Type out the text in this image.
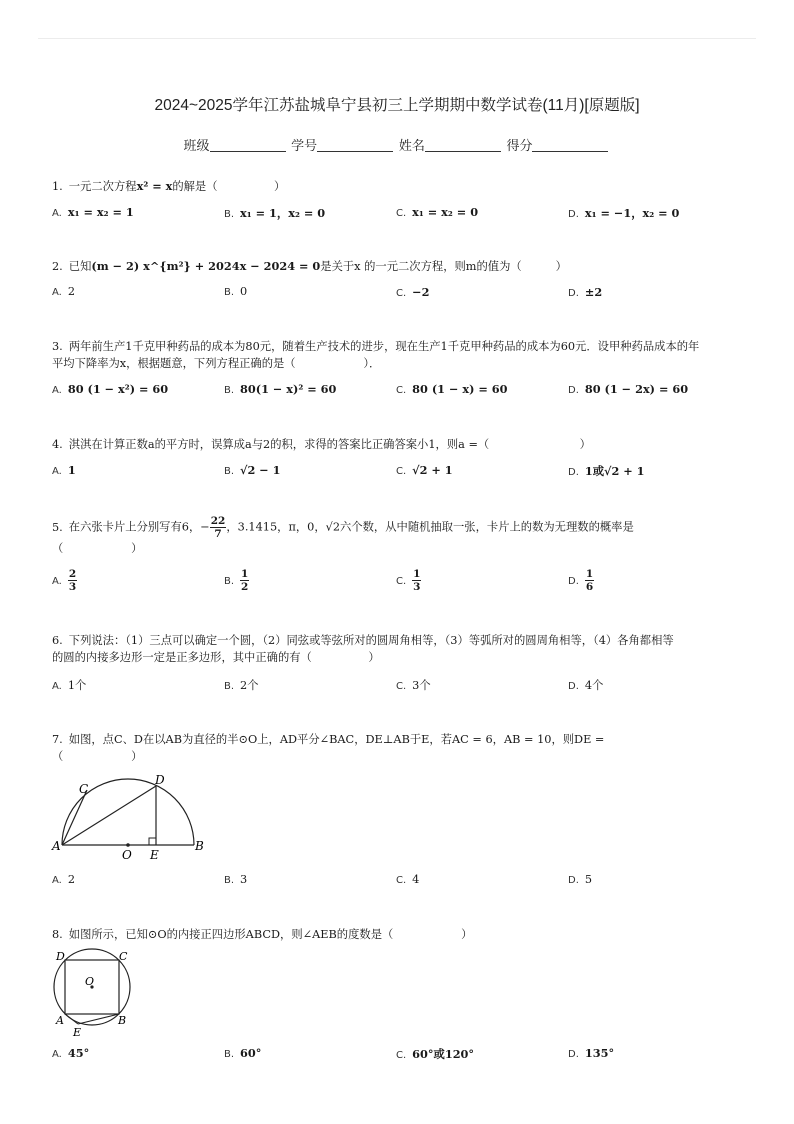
2024~2025学年江苏盐城阜宁县初三上学期期中数学试卷(11月)[原题版]
班级	学号	姓名	得分
1. 一元二次方程x² = x的解是（　　　　　）
A. x₁ = x₂ = 1	B. x₁ = 1，x₂ = 0	C. x₁ = x₂ = 0	D. x₁ = −1，x₂ = 0
2. 已知(m − 2) x^{m²} + 2024x − 2024 = 0是关于x 的一元二次方程，则m的值为（　　　）
A. 2	B. 0	C. −2	D. ±2
3. 两年前生产1千克甲种药品的成本为80元，随着生产技术的进步，现在生产1千克甲种药品的成本为60元．设甲种药品成本的年
平均下降率为x，根据题意，下列方程正确的是（　　　　　　）．
A. 80 (1 − x²) = 60	B. 80(1 − x)² = 60	C. 80 (1 − x) = 60	D. 80 (1 − 2x) = 60
4. 淇淇在计算正数a的平方时，误算成a与2的积，求得的答案比正确答案小1，则a =（　　　　　　　　）
A. 1	B. √2 − 1	C. √2 + 1	D. 1或√2 + 1
5. 在六张卡片上分别写有6，− $\frac{22}{7}$ ，3.1415，π，0，√2六个数，从中随机抽取一张，卡片上的数为无理数的概率是
（　　　　　　）
A. $\frac{2}{3}$	B. $\frac{1}{2}$	C. $\frac{1}{3}$	D. $\frac{1}{6}$
6. 下列说法：（1）三点可以确定一个圆，（2）同弦或等弦所对的圆周角相等，（3）等弧所对的圆周角相等，（4）各角都相等
的圆的内接多边形一定是正多边形，其中正确的有（　　　　　）
A. 1个	B. 2个	C. 3个	D. 4个
7. 如图，点C、D在以AB为直径的半⊙O上，AD平分∠BAC，DE⊥AB于E，若AC = 6，AB = 10，则DE =
（　　　　　　）
A	B
C
D
E
O
A. 2	B. 3	C. 4	D. 5
8. 如图所示，已知⊙O的内接正四边形ABCD，则∠AEB的度数是（　　　　　　）
D	C
A	B
E
O
A. 45°	B. 60°	C. 60°或120°	D. 135°
